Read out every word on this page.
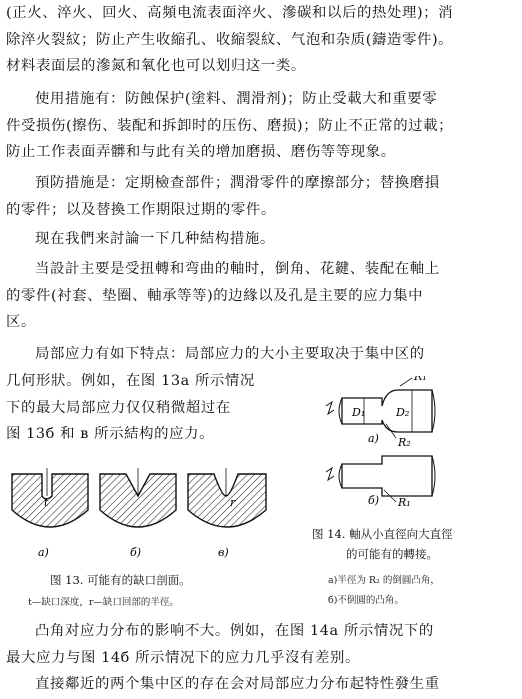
(正火、淬火、回火、高頻电流表面淬火、滲碳和以后的热处理)；消
除淬火裂紋；防止产生收縮孔、收縮裂紋、气泡和杂质(鑄造零件)。
材料表面层的滲氮和氧化也可以划归这一类。
使用措施有：防蝕保护(塗料、潤滑剂)；防止受載大和重要零
件受损伤(擦伤、装配和拆卸时的压伤、磨损)；防止不正常的过載；
防止工作表面弄髒和与此有关的增加磨损、磨伤等等现象。
預防措施是：定期檢查部件；潤滑零件的摩擦部分；替換磨損
的零件；以及替換工作期限过期的零件。
现在我們来討論一下几种結构措施。
当設計主要是受扭轉和弯曲的軸时，倒角、花鍵、装配在軸上
的零件(衬套、垫圈、軸承等等)的边緣以及孔是主要的应力集中
区。
局部应力有如下特点：局部应力的大小主要取决于集中区的
几何形狀。例如，在图 13а 所示情况
下的最大局部应力仅仅稍微超过在
图 13б 和 в 所示結构的应力。
t	r
а)	б)	в)
图 13. 可能有的缺口剖面。
t—缺口深度，r—缺口回部的半徑。
R₁
D₁	D₂
R₂
а)
б) R₁
图 14. 軸从小直徑向大直徑
的可能有的轉接。
а)半徑为 R₂ 的倒圓凸角，
б)不倒圓的凸角。
凸角对应力分布的影响不大。例如，在图 14а 所示情况下的
最大应力与图 14б 所示情况下的应力几乎沒有差别。
直接鄰近的两个集中区的存在会对局部应力分布起特性發生重
